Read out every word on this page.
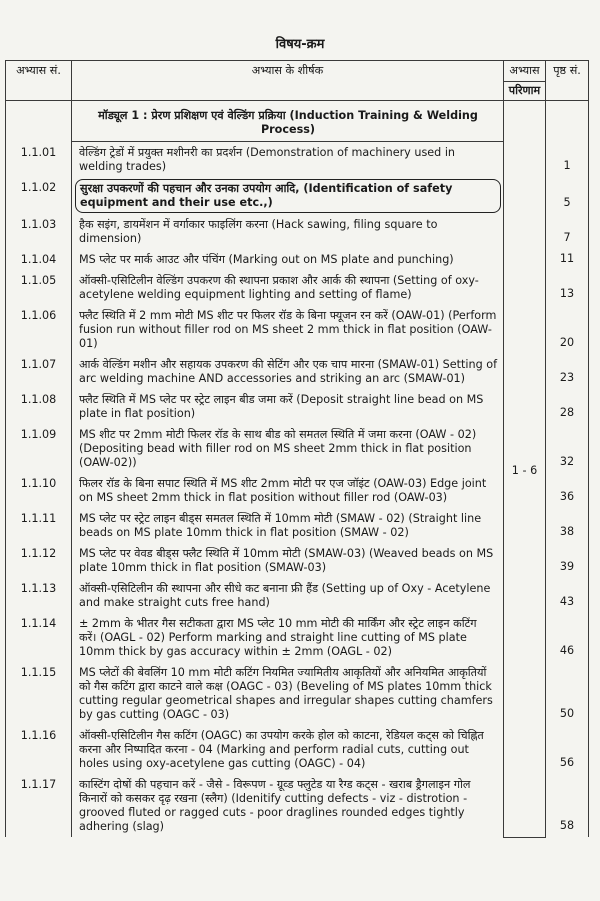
विषय-क्रम
अभ्यास सं.	अभ्यास के शीर्षक	अभ्यास	पृष्ठ सं.
		परिणाम	

	मॉड्यूल 1 : प्रेरण प्रशिक्षण एवं वेल्डिंग प्रक्रिया (Induction Training & Welding
Process)	1 - 6	
1.1.01	वेल्डिंग ट्रेडों में प्रयुक्त मशीनरी का प्रदर्शन (Demonstration of machinery used in welding trades)		1
1.1.02	सुरक्षा उपकरणों की पहचान और उनका उपयोग आदि, (Identification of safety equipment and their use etc.,)		5
1.1.03	हैक सइंग, डायमेंशन में वर्गाकार फाइलिंग करना (Hack sawing, filing square to dimension)		7
1.1.04	MS प्लेट पर मार्क आउट और पंचिंग (Marking out on MS plate and punching)		11
1.1.05	ऑक्सी-एसिटिलीन वेल्डिंग उपकरण की स्थापना प्रकाश और आर्क की स्थापना (Setting of oxy-acetylene welding equipment lighting and setting of flame)		13
1.1.06	फ्लैट स्थिति में 2 mm मोटी MS शीट पर फिलर रॉड के बिना फ्यूजन रन करें (OAW-01) (Perform fusion run without filler rod on MS sheet 2 mm thick in flat position (OAW-01)		20
1.1.07	आर्क वेल्डिंग मशीन और सहायक उपकरण की सेटिंग और एक चाप मारना (SMAW-01) Setting of arc welding machine AND accessories and striking an arc (SMAW-01)		23
1.1.08	फ्लैट स्थिति में MS प्लेट पर स्ट्रेट लाइन बीड जमा करें (Deposit straight line bead on MS plate in flat position)		28
1.1.09	MS शीट पर 2mm मोटी फिलर रॉड के साथ बीड को समतल स्थिति में जमा करना (OAW - 02) (Depositing bead with filler rod on MS sheet 2mm thick in flat position (OAW-02))		32
1.1.10	फिलर रॉड के बिना सपाट स्थिति में MS शीट 2mm मोटी पर एज जॉइंट (OAW-03) Edge joint on MS sheet 2mm thick in flat position without filler rod (OAW-03)		36
1.1.11	MS प्लेट पर स्ट्रेट लाइन बीड्स समतल स्थिति में 10mm मोटी (SMAW - 02) (Straight line beads on MS plate 10mm thick in flat position (SMAW - 02)		38
1.1.12	MS प्लेट पर वेवड बीड्स फ्लैट स्थिति में 10mm मोटी (SMAW-03) (Weaved beads on MS plate 10mm thick in flat position (SMAW-03)		39
1.1.13	ऑक्सी-एसिटिलीन की स्थापना और सीधे कट बनाना फ्री हैंड (Setting up of Oxy - Acetylene and make straight cuts free hand)		43
1.1.14	± 2mm के भीतर गैस सटीकता द्वारा MS प्लेट 10 mm मोटी की मार्किंग और स्ट्रेट लाइन कटिंग करें। (OAGL - 02) Perform marking and straight line cutting of MS plate 10mm thick by gas accuracy within ± 2mm (OAGL - 02)		46
1.1.15	MS प्लेटों की बेवलिंग 10 mm मोटी कटिंग नियमित ज्यामितीय आकृतियों और अनियमित आकृतियों को गैस कटिंग द्वारा काटने वाले कक्ष (OAGC - 03) (Beveling of MS plates 10mm thick cutting regular geometrical shapes and irregular shapes cutting chamfers by gas cutting (OAGC - 03)		50
1.1.16	ऑक्सी-एसिटिलीन गैस कटिंग (OAGC) का उपयोग करके होल को काटना, रेडियल कट्स को चिह्नित करना और निष्पादित करना - 04 (Marking and perform radial cuts, cutting out holes using oxy-acetylene gas cutting (OAGC) - 04)		56
1.1.17	कास्टिंग दोषों की पहचान करें - जैसे - विरूपण - ग्रूव्ड फ्लुटेड या रैग्ड कट्स - खराब ड्रैगलाइन गोल किनारों को कसकर दृढ़ रखना (स्लैग) (Idenitify cutting defects - viz - distrotion - grooved fluted or ragged cuts - poor draglines rounded edges tightly adhering (slag)		58
